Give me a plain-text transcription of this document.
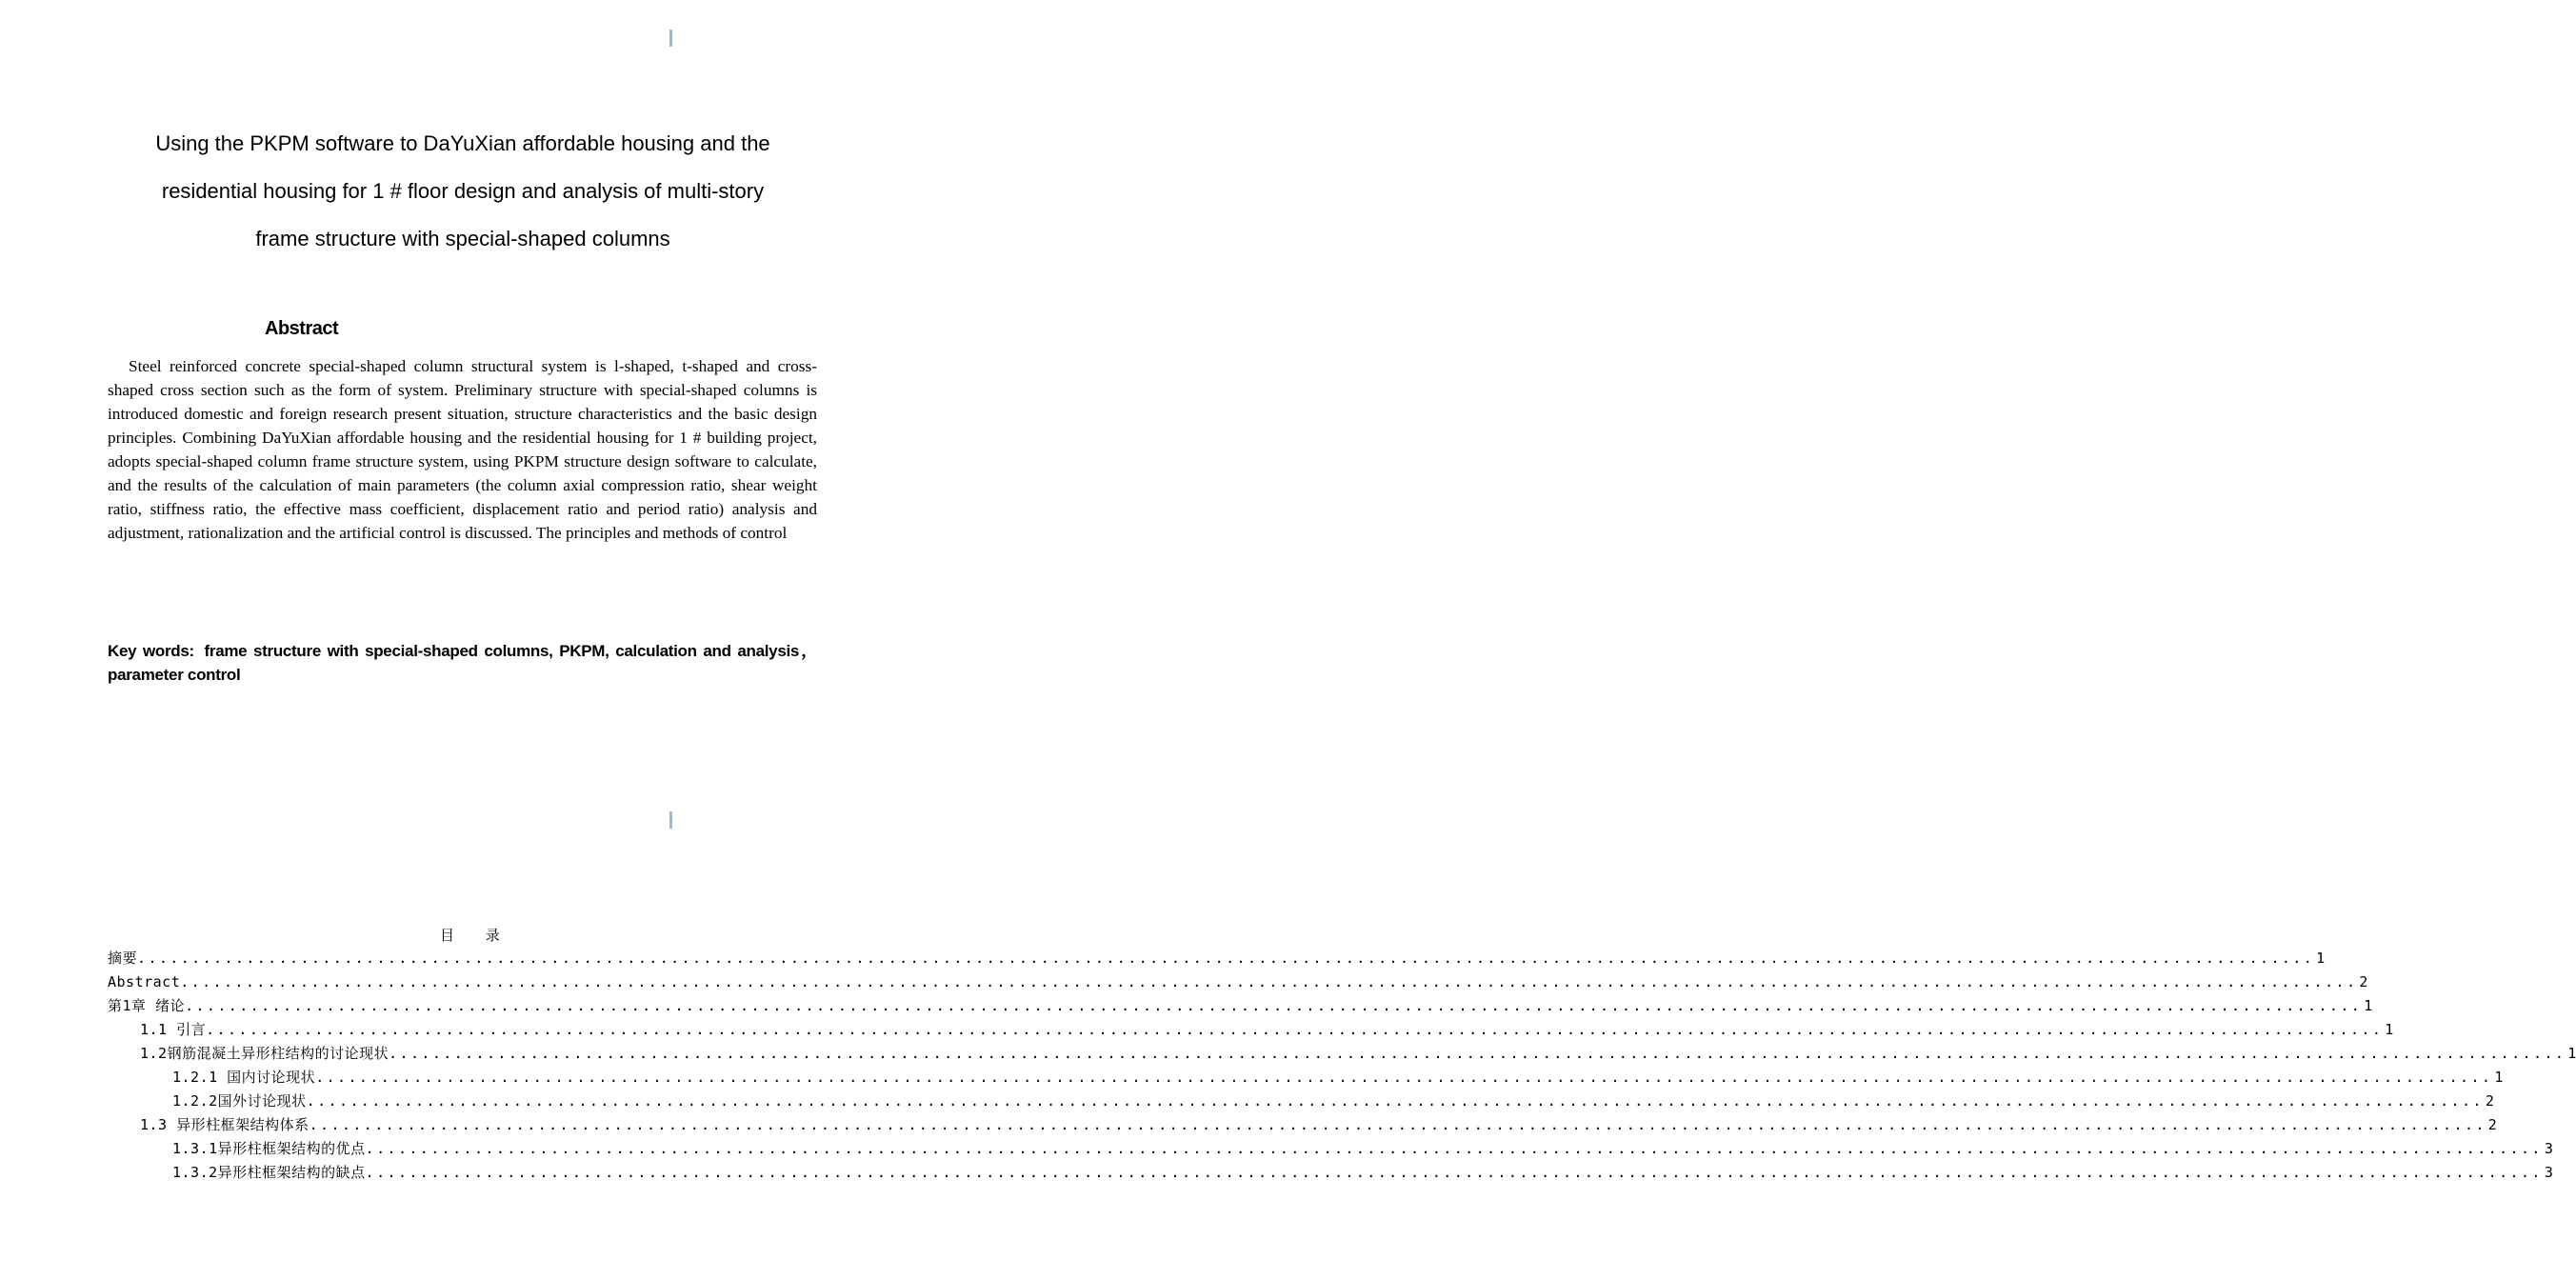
Using the PKPM software to DaYuXian affordable housing and the
residential housing for 1 # floor design and analysis of multi-story
frame structure with special-shaped columns
Abstract
Steel reinforced concrete special-shaped column structural system is l-shaped, t-shaped and cross-shaped cross section such as the form of system. Preliminary structure with special-shaped columns is introduced domestic and foreign research present situation, structure characteristics and the basic design principles. Combining DaYuXian affordable housing and the residential housing for 1 # building project, adopts special-shaped column frame structure system, using PKPM structure design software to calculate, and the results of the calculation of main parameters (the column axial compression ratio, shear weight ratio, stiffness ratio, the effective mass coefficient, displacement ratio and period ratio) analysis and adjustment, rationalization and the artificial control is discussed. The principles and methods of control
Key words: frame structure with special-shaped columns, PKPM, calculation and analysis，parameter control
目 录
摘要 ........................................................................................................................................................................................................ 1
Abstract ........................................................................................................................................................................................................ 2
第1章 绪论 ........................................................................................................................................................................................................ 1
1.1 引言 ........................................................................................................................................................................................................ 1
1.2钢筋混凝土异形柱结构的讨论现状 ........................................................................................................................................................................................................ 1
1.2.1 国内讨论现状 ........................................................................................................................................................................................................ 1
1.2.2国外讨论现状 ........................................................................................................................................................................................................ 2
1.3 异形柱框架结构体系 ........................................................................................................................................................................................................ 2
1.3.1异形柱框架结构的优点 ........................................................................................................................................................................................................ 3
1.3.2异形柱框架结构的缺点 ........................................................................................................................................................................................................ 3
